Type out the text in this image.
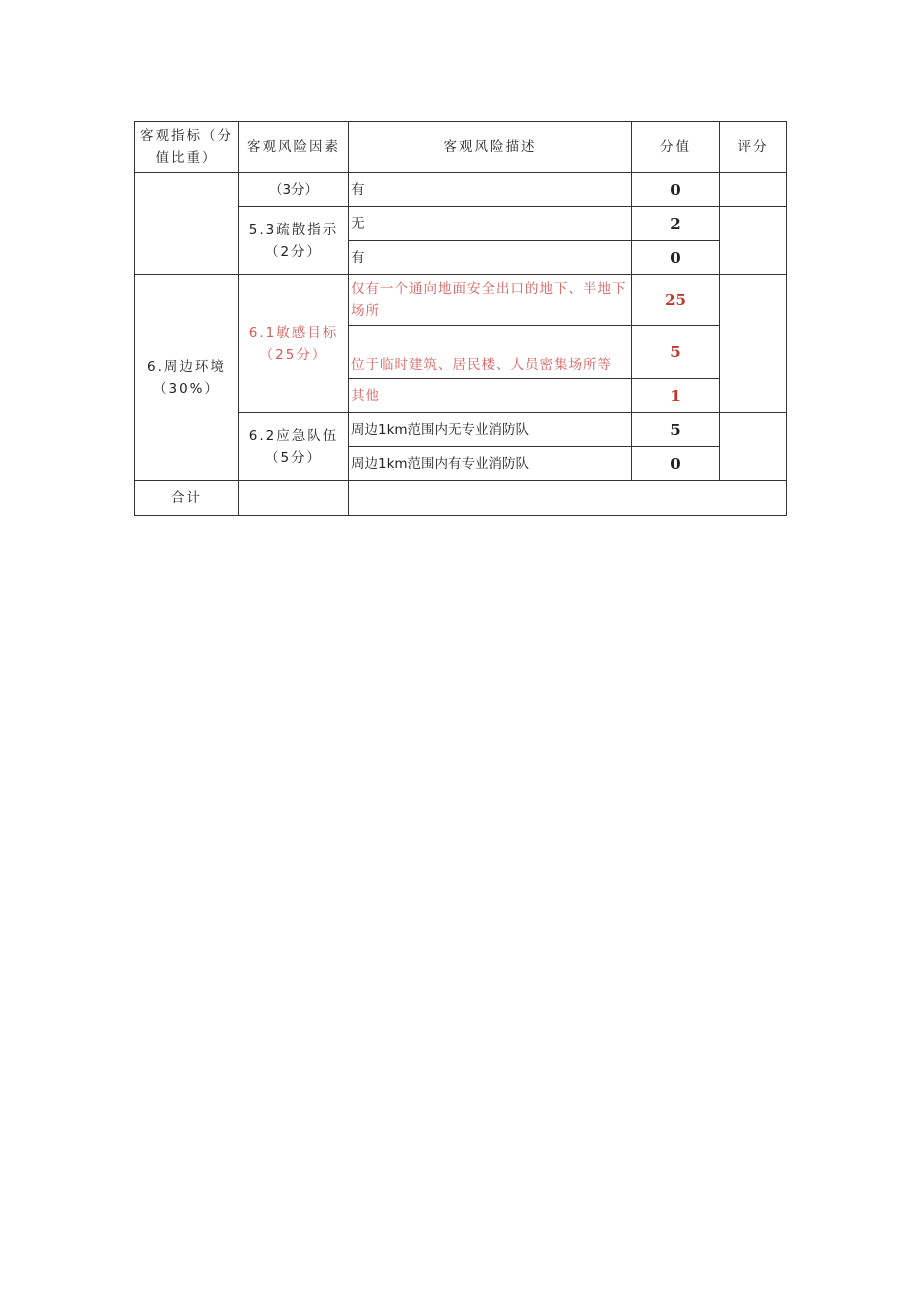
客观指标（分值比重）	客观风险因素	客观风险描述	分值	评分
	（3分）	有	0	
	5.3疏散指示（2分）	无	2	
		有	0	
6.周边环境（30%）	6.1敏感目标（25分）	仅有一个通向地面安全出口的地下、半地下场所	25	
		位于临时建筑、居民楼、人员密集场所等	5	
		其他	1	
	6.2应急队伍（5分）	周边1km范围内无专业消防队	5	
		周边1km范围内有专业消防队	0	
合计				
